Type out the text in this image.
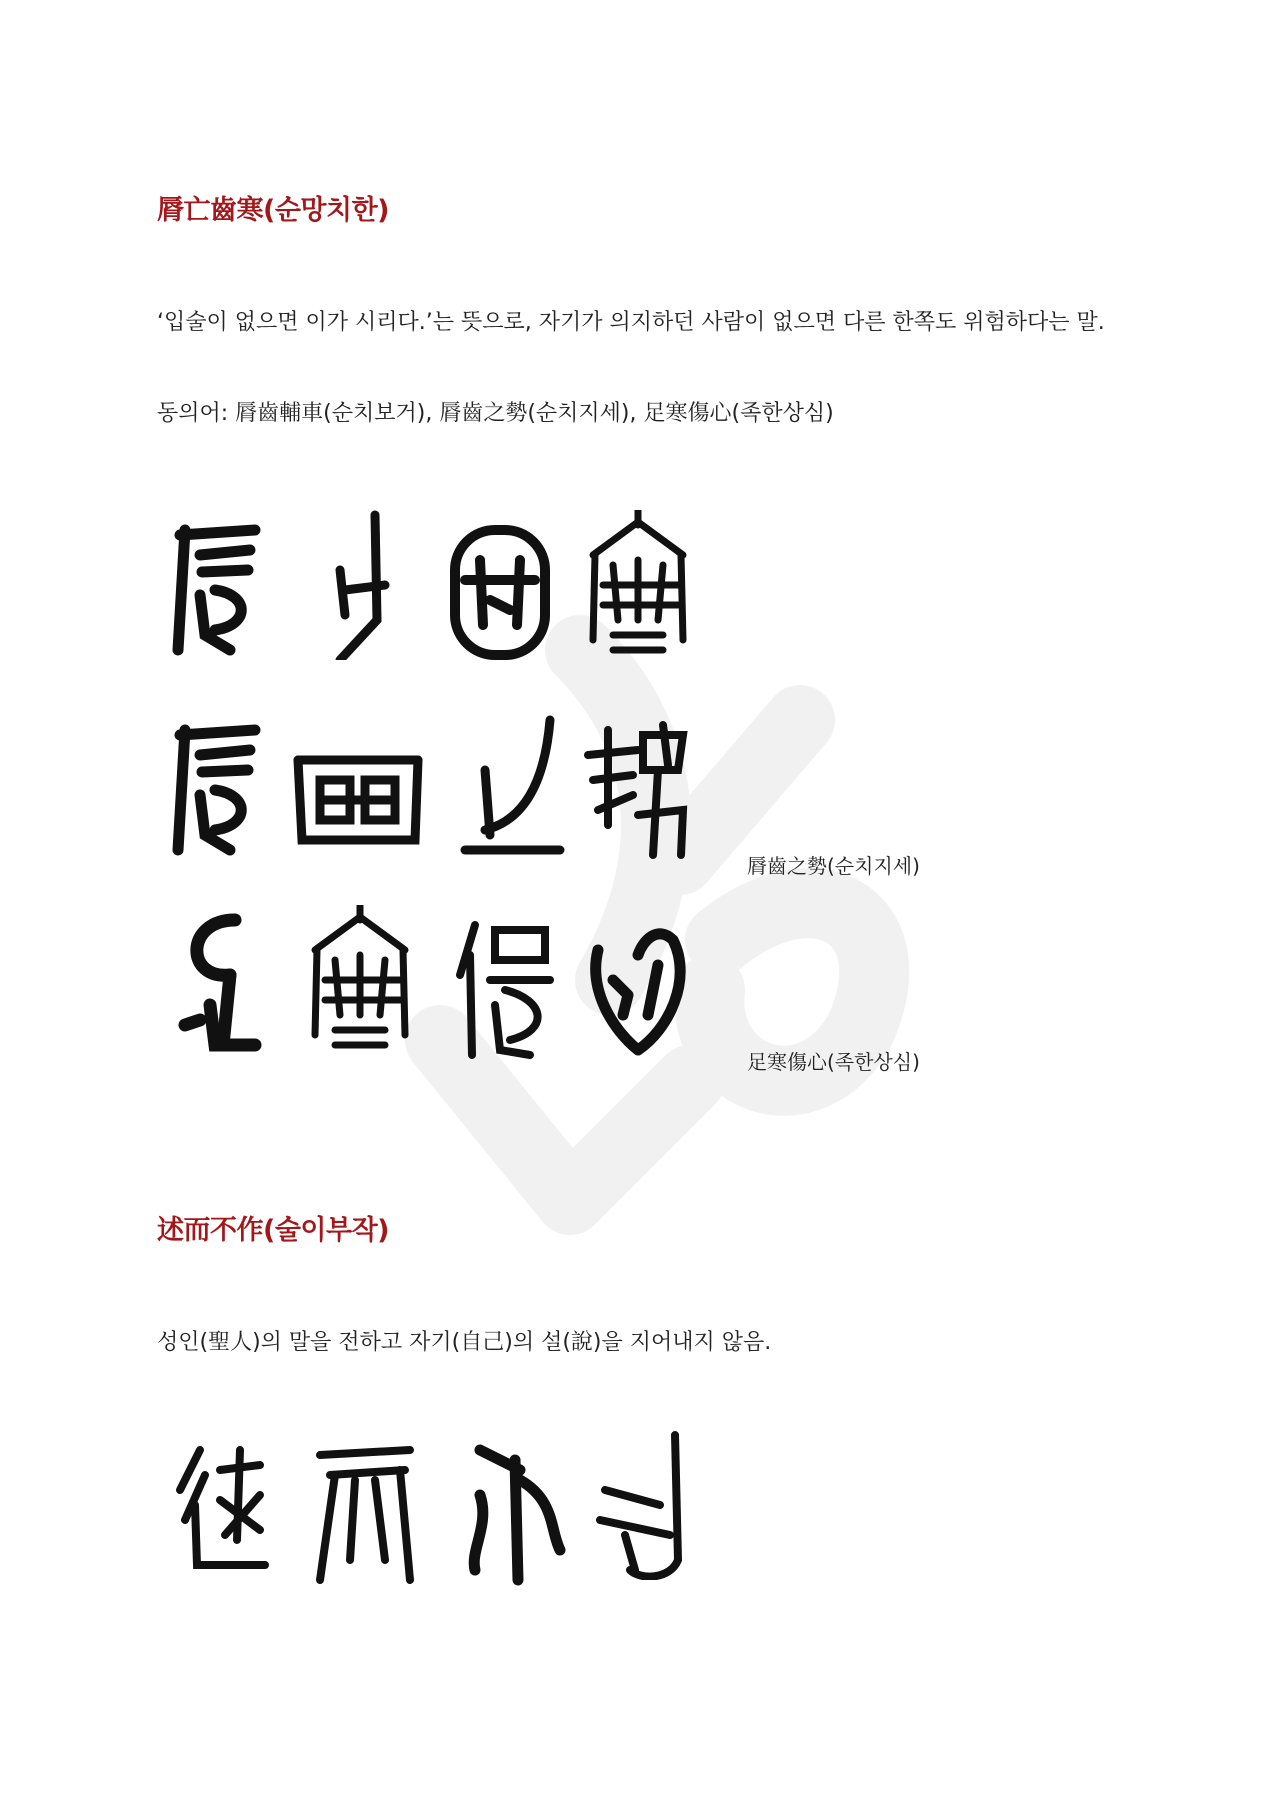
脣亡齒寒(순망치한)
‘입술이 없으면 이가 시리다.’는 뜻으로, 자기가 의지하던 사람이 없으면 다른 한쪽도 위험하다는 말.
동의어: 脣齒輔車(순치보거), 脣齒之勢(순치지세), 足寒傷心(족한상심)
脣齒之勢(순치지세)
足寒傷心(족한상심)
述而不作(술이부작)
성인(聖人)의 말을 전하고 자기(自己)의 설(說)을 지어내지 않음.
